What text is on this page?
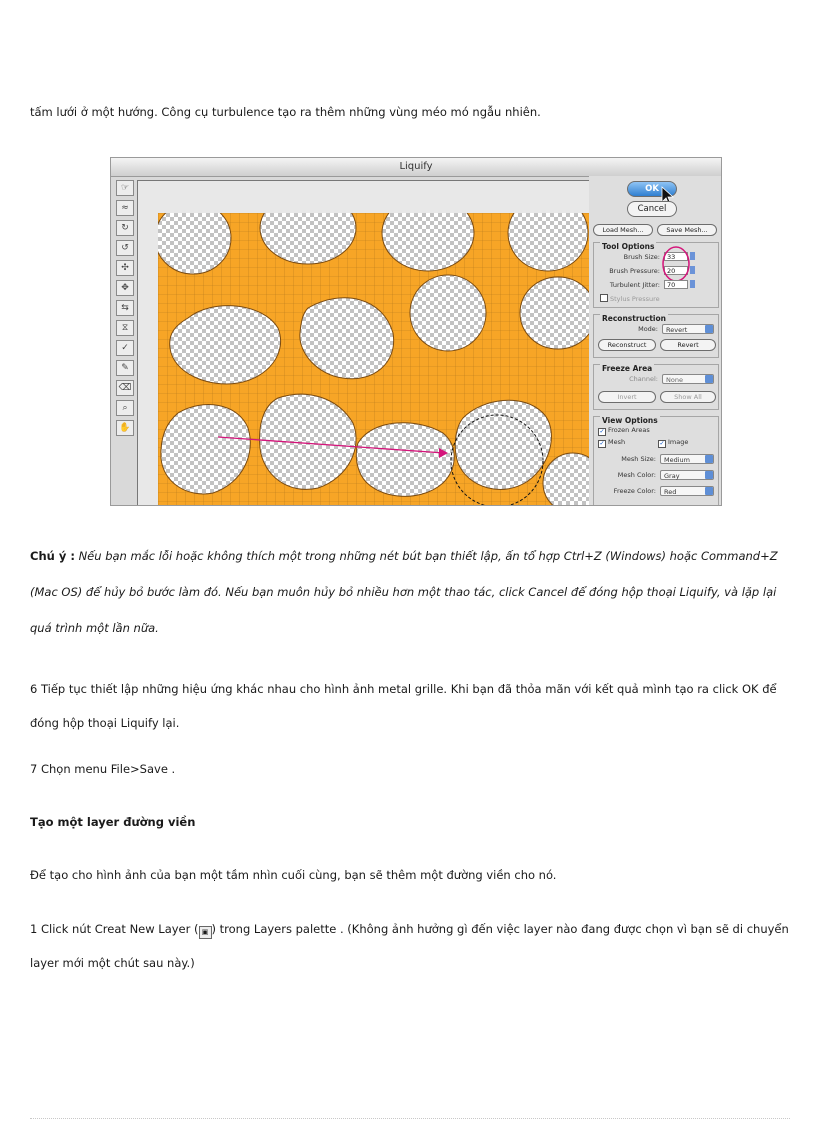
tấm lưới ở một hướng. Công cụ turbulence tạo ra thêm những vùng méo mó ngẫu nhiên.

Liquify
☞
≈
↻
↺
✣
✥
⇆
⧖
✓
✎
⌫
⌕
✋
OK
Cancel
Load Mesh...	Save Mesh...
Tool Options
Brush Size:	33
Brush Pressure:	20
Turbulent Jitter:	70
Stylus Pressure
Reconstruction
Mode:	Revert
Reconstruct	Revert
Freeze Area
Channel:	None
Invert	Show All
View Options
✓ Frozen Areas
✓ Mesh	✓ Image
Mesh Size:	Medium
Mesh Color:	Gray
Freeze Color:	Red

Chú ý : Nếu bạn mắc lỗi hoặc không thích một trong những nét bút bạn thiết lập, ấn tổ hợp Ctrl+Z (Windows) hoặc Command+Z (Mac OS) để hủy bỏ bước làm đó. Nếu bạn muôn hủy bỏ nhiều hơn một thao tác, click Cancel để đóng hộp thoại Liquify, và lặp lại quá trình một lần nữa.

6 Tiếp tục thiết lập những hiệu ứng khác nhau cho hình ảnh metal grille. Khi bạn đã thỏa mãn với kết quả mình tạo ra click OK để đóng hộp thoại Liquify lại.

7 Chọn menu File>Save .

Tạo một layer đường viền

Để tạo cho hình ảnh của bạn một tầm nhìn cuối cùng, bạn sẽ thêm một đường viền cho nó.

1 Click nút Creat New Layer ( ▣ ) trong Layers palette . (Không ảnh hưởng gì đến việc layer nào đang được chọn vì bạn sẽ di chuyển layer mới một chút sau này.)
